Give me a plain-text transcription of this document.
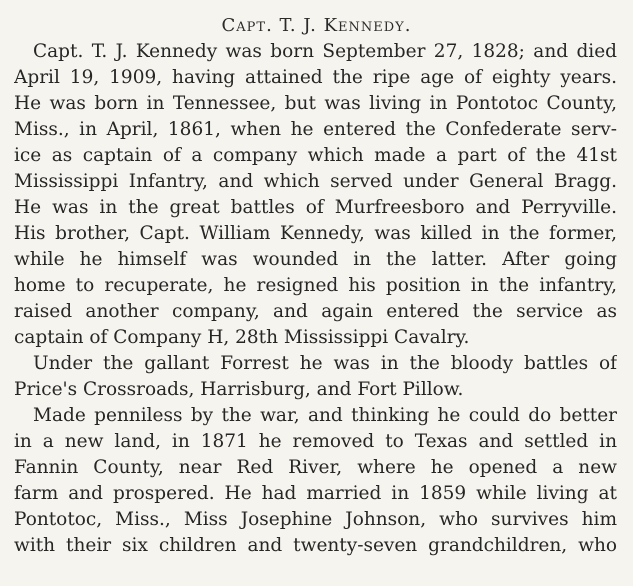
Capt. T. J. Kennedy.
Capt. T. J. Kennedy was born September 27, 1828; and died
April 19, 1909, having attained the ripe age of eighty years.
He was born in Tennessee, but was living in Pontotoc County,
Miss., in April, 1861, when he entered the Confederate serv-
ice as captain of a company which made a part of the 41st
Mississippi Infantry, and which served under General Bragg.
He was in the great battles of Murfreesboro and Perryville.
His brother, Capt. William Kennedy, was killed in the former,
while he himself was wounded in the latter. After going
home to recuperate, he resigned his position in the infantry,
raised another company, and again entered the service as
captain of Company H, 28th Mississippi Cavalry.
Under the gallant Forrest he was in the bloody battles of
Price's Crossroads, Harrisburg, and Fort Pillow.
Made penniless by the war, and thinking he could do better
in a new land, in 1871 he removed to Texas and settled in
Fannin County, near Red River, where he opened a new
farm and prospered. He had married in 1859 while living at
Pontotoc, Miss., Miss Josephine Johnson, who survives him
with their six children and twenty-seven grandchildren, who
